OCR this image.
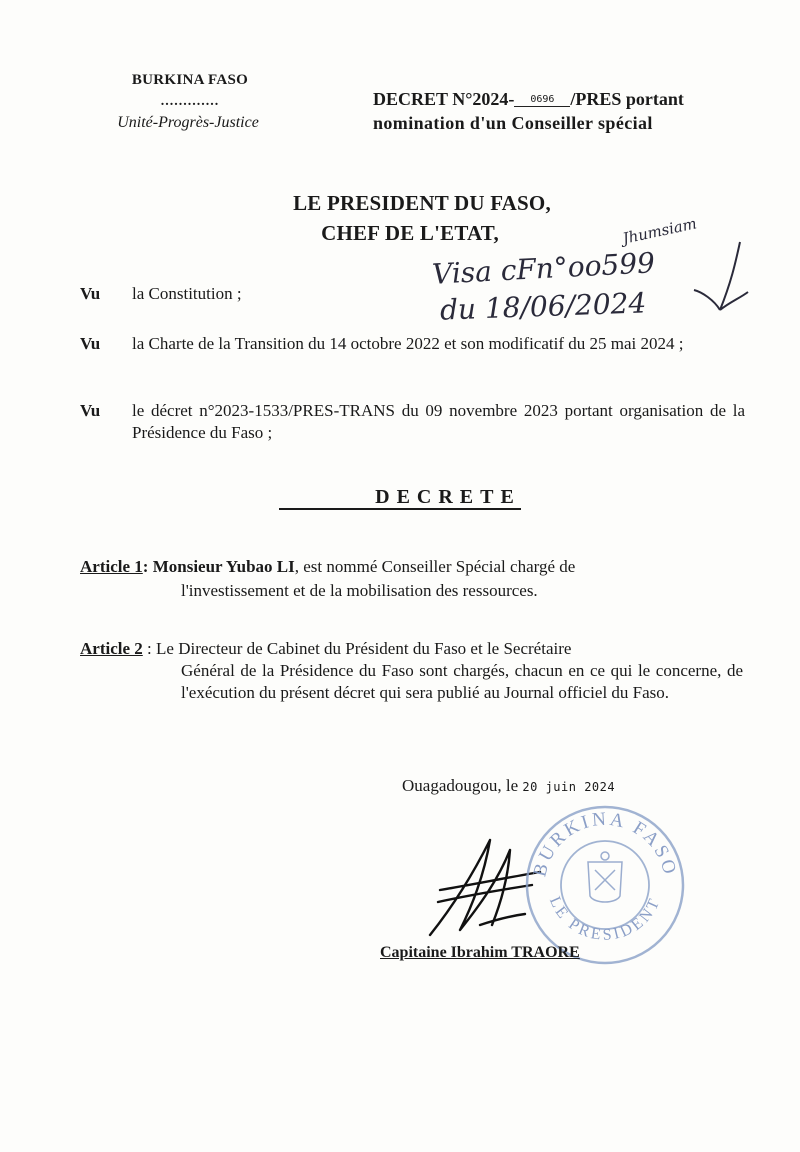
BURKINA FASO
.............
Unité-Progrès-Justice
DECRET N°2024- 0696 /PRES portant
nomination d'un Conseiller spécial
LE PRESIDENT DU FASO,
CHEF DE L'ETAT,
Visa cFn°oo599
du 18/06/2024
Jhumsiam
Vu la Constitution ;
Vu la Charte de la Transition du 14 octobre 2022 et son modificatif du 25 mai 2024 ;
Vu le décret n°2023-1533/PRES-TRANS du 09 novembre 2023 portant organisation de la Présidence du Faso ;
DECRETE
Article 1: Monsieur Yubao LI, est nommé Conseiller Spécial chargé de
l'investissement et de la mobilisation des ressources.
Article 2 : Le Directeur de Cabinet du Président du Faso et le Secrétaire
Général de la Présidence du Faso sont chargés, chacun en ce qui le concerne, de l'exécution du présent décret qui sera publié au Journal officiel du Faso.
Ouagadougou, le 20 juin 2024
BURKINA FASO
LE PRESIDENT
Capitaine Ibrahim TRAORE
